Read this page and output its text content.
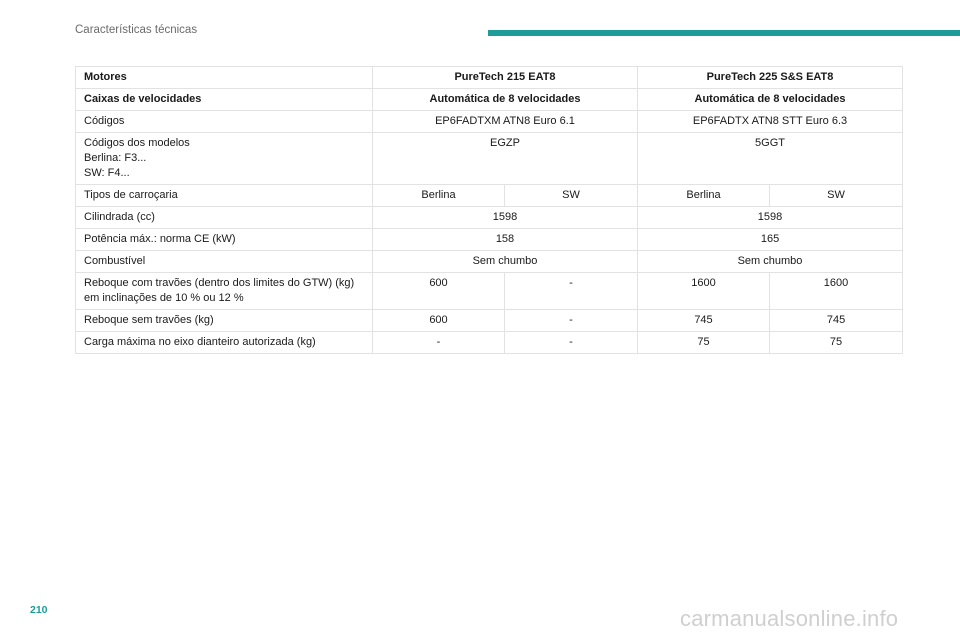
Características técnicas
Motores	PureTech 215 EAT8		PureTech 225 S&S EAT8	
Caixas de velocidades	Automática de 8 velocidades		Automática de 8 velocidades	
Códigos	EP6FADTXM ATN8 Euro 6.1		EP6FADTX ATN8 STT Euro 6.3	

Códigos dos modelos
Berlina: F3...
SW: F4...	EGZP		5GGT	
Tipos de carroçaria	Berlina	SW	Berlina	SW
Cilindrada (cc)	1598		1598	
Potência máx.: norma CE (kW)	158		165	
Combustível	Sem chumbo		Sem chumbo	

Reboque com travões (dentro dos limites do GTW) (kg)
em inclinações de 10 % ou 12 %	600	-	1600	1600
Reboque sem travões (kg)	600	-	745	745
Carga máxima no eixo dianteiro autorizada (kg)	-	-	75	75
210	carmanualsonline.info
